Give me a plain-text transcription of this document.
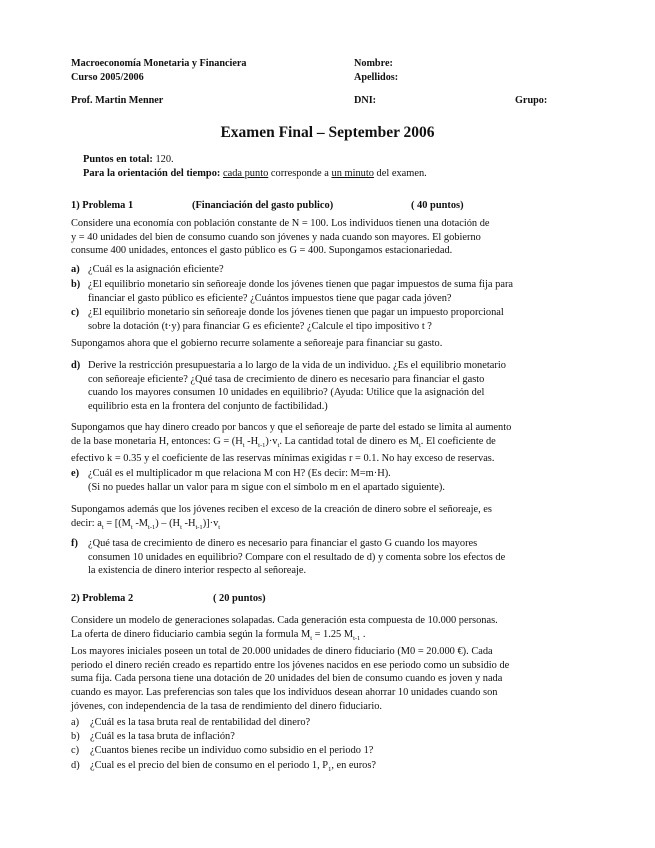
Macroeconomía Monetaria y Financiera
Curso 2005/2006
Prof. Martin Menner
Nombre:
Apellidos:
DNI:	Grupo:
Examen Final – September 2006
Puntos en total: 120.
Para la orientación del tiempo: cada punto corresponde a un minuto del examen.
1) Problema 1	(Financiación del gasto publico)	( 40 puntos)
Considere una economía con población constante de N = 100. Los individuos tienen una dotación de
y = 40 unidades del bien de consumo cuando son jóvenes y nada cuando son mayores. El gobierno
consume 400 unidades, entonces el gasto público es G = 400. Supongamos estacionariedad.
a) ¿Cuál es la asignación eficiente?
b) ¿El equilibrio monetario sin señoreaje donde los jóvenes tienen que pagar impuestos de suma fija para
financiar el gasto público es eficiente? ¿Cuántos impuestos tiene que pagar cada jóven?
c) ¿El equilibrio monetario sin señoreaje donde los jóvenes tienen que pagar un impuesto proporcional
sobre la dotación (t·y) para financiar G es eficiente? ¿Calcule el tipo impositivo t ?
Supongamos ahora que el gobierno recurre solamente a señoreaje para financiar su gasto.
d) Derive la restricción presupuestaria a lo largo de la vida de un individuo. ¿Es el equilibrio monetario
con señoreaje eficiente? ¿Qué tasa de crecimiento de dinero es necesario para financiar el gasto
cuando los mayores consumen 10 unidades en equilibrio? (Ayuda: Utilice que la asignación del
equilibrio esta en la frontera del conjunto de factibilidad.)
Supongamos que hay dinero creado por bancos y que el señoreaje de parte del estado se limita al aumento
de la base monetaria H, entonces: $G = (H_t$ $-H_{t-1})\cdot v_t$. La cantidad total de dinero es $M_t$. El coeficiente de
efectivo k = 0.35 y el coeficiente de las reservas mínimas exigidas r = 0.1. No hay exceso de reservas.
e) ¿Cuál es el multiplicador m que relaciona M con H? (Es decir: M=m·H).
(Si no puedes hallar un valor para m sigue con el símbolo m en el apartado siguiente).
Supongamos además que los jóvenes reciben el exceso de la creación de dinero sobre el señoreaje, es
decir: $a_t = [(M_t$ $-M_{t-1}) - (H_t$ $-H_{t-1})]\cdot v_t$
f) ¿Qué tasa de crecimiento de dinero es necesario para financiar el gasto G cuando los mayores
consumen 10 unidades en equilibrio? Compare con el resultado de d) y comenta sobre los efectos de
la existencia de dinero interior respecto al señoreaje.
2) Problema 2	( 20 puntos)
Considere un modelo de generaciones solapadas. Cada generación esta compuesta de 10.000 personas.
La oferta de dinero fiduciario cambia según la formula $M_t = 1.25$ $M_{t-1}$ .
Los mayores iniciales poseen un total de 20.000 unidades de dinero fiduciario (M0 = 20.000 €). Cada
periodo el dinero recién creado es repartido entre los jóvenes nacidos en ese periodo como un subsidio de
suma fija. Cada persona tiene una dotación de 20 unidades del bien de consumo cuando es joven y nada
cuando es mayor. Las preferencias son tales que los individuos desean ahorrar 10 unidades cuando son
jóvenes, con independencia de la tasa de rendimiento del dinero fiduciario.
a) ¿Cuál es la tasa bruta real de rentabilidad del dinero?
b) ¿Cuál es la tasa bruta de inflación?
c) ¿Cuantos bienes recibe un individuo como subsidio en el periodo 1?
d) ¿Cual es el precio del bien de consumo en el periodo 1, $P_1$, en euros?
